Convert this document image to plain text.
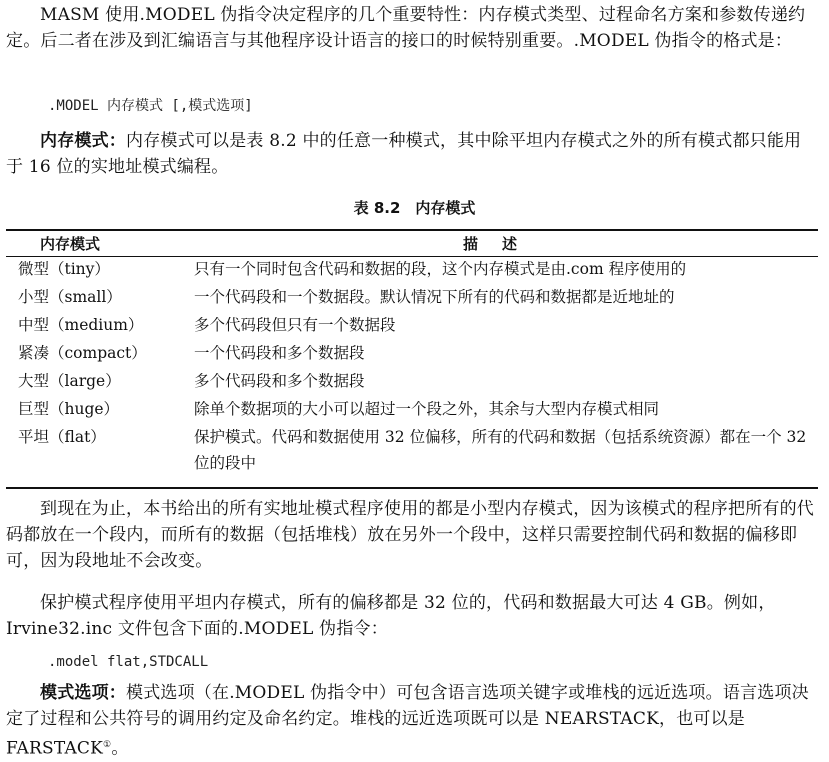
MASM 使用.MODEL 伪指令决定程序的几个重要特性：内存模式类型、过程命名方案和参数传递约定。后二者在涉及到汇编语言与其他程序设计语言的接口的时候特别重要。.MODEL 伪指令的格式是：

.MODEL 内存模式 [,模式选项]

内存模式：内存模式可以是表 8.2 中的任意一种模式，其中除平坦内存模式之外的所有模式都只能用于 16 位的实地址模式编程。

表 8.2　内存模式
内存模式	描述
微型（tiny）	只有一个同时包含代码和数据的段，这个内存模式是由.com 程序使用的
小型（small）	一个代码段和一个数据段。默认情况下所有的代码和数据都是近地址的
中型（medium）	多个代码段但只有一个数据段
紧凑（compact）	一个代码段和多个数据段
大型（large）	多个代码段和多个数据段
巨型（huge）	除单个数据项的大小可以超过一个段之外，其余与大型内存模式相同
平坦（flat）	保护模式。代码和数据使用 32 位偏移，所有的代码和数据（包括系统资源）都在一个 32 位的段中

到现在为止，本书给出的所有实地址模式程序使用的都是小型内存模式，因为该模式的程序把所有的代码都放在一个段内，而所有的数据（包括堆栈）放在另外一个段中，这样只需要控制代码和数据的偏移即可，因为段地址不会改变。

保护模式程序使用平坦内存模式，所有的偏移都是 32 位的，代码和数据最大可达 4 GB。例如，Irvine32.inc 文件包含下面的.MODEL 伪指令：

.model flat,STDCALL

模式选项：模式选项（在.MODEL 伪指令中）可包含语言选项关键字或堆栈的远近选项。语言选项决定了过程和公共符号的调用约定及命名约定。堆栈的远近选项既可以是 NEARSTACK，也可以是 FARSTACK①。
